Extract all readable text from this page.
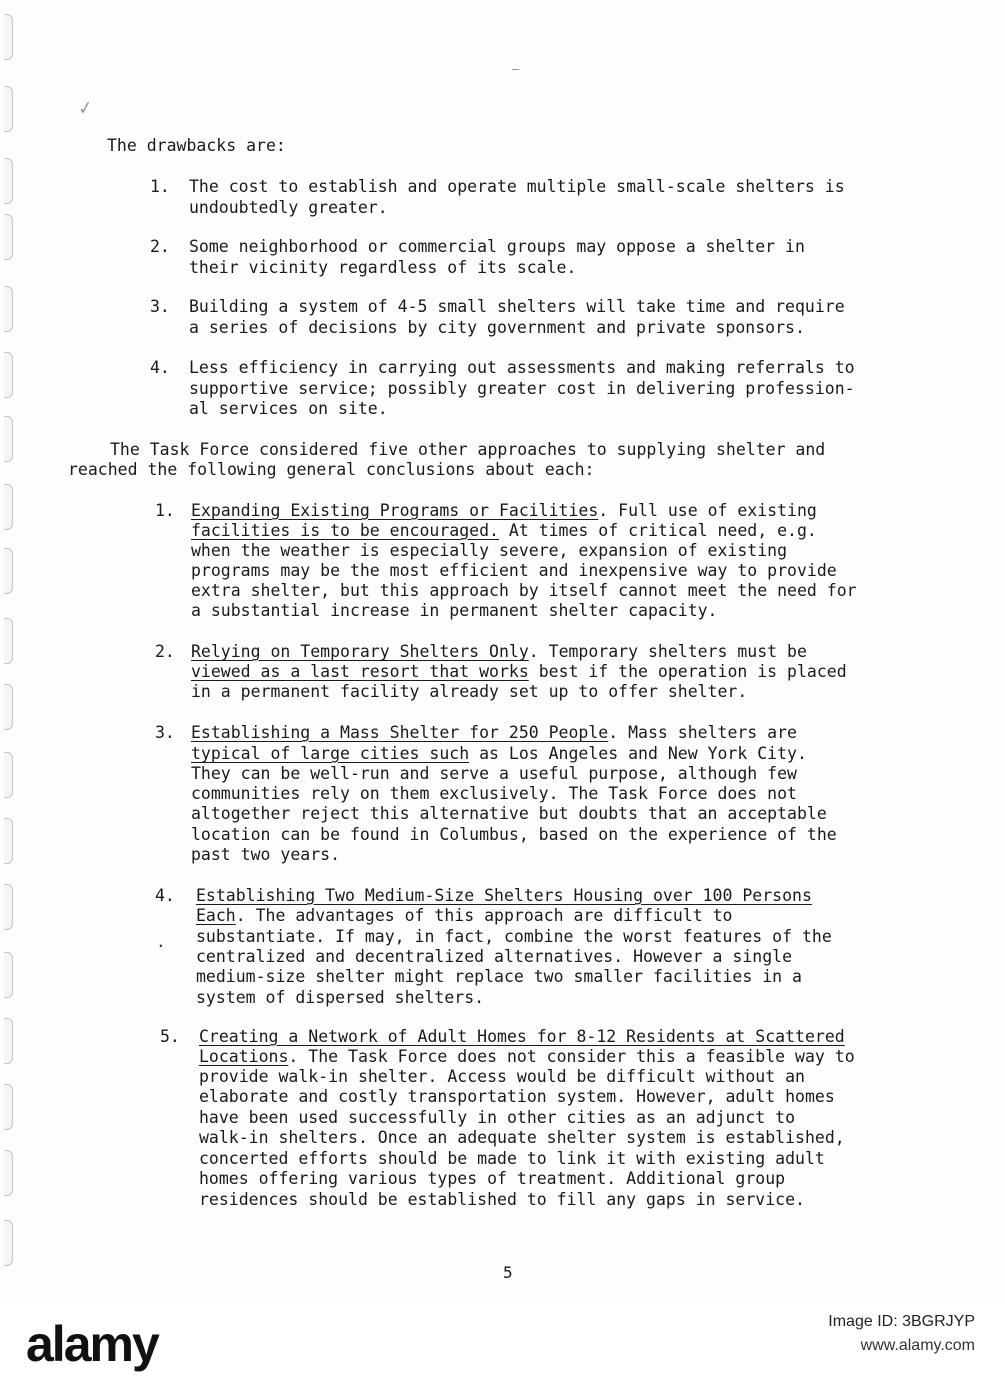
–
✓
The drawbacks are:
1. The cost to establish and operate multiple small-scale shelters is
undoubtedly greater.
2. Some neighborhood or commercial groups may oppose a shelter in
their vicinity regardless of its scale.
3. Building a system of 4-5 small shelters will take time and require
a series of decisions by city government and private sponsors.
4. Less efficiency in carrying out assessments and making referrals to
supportive service; possibly greater cost in delivering profession-
al services on site.
The Task Force considered five other approaches to supplying shelter and
reached the following general conclusions about each:
1. Expanding Existing Programs or Facilities. Full use of existing
facilities is to be encouraged. At times of critical need, e.g.
when the weather is especially severe, expansion of existing
programs may be the most efficient and inexpensive way to provide
extra shelter, but this approach by itself cannot meet the need for
a substantial increase in permanent shelter capacity.
2. Relying on Temporary Shelters Only. Temporary shelters must be
viewed as a last resort that works best if the operation is placed
in a permanent facility already set up to offer shelter.
3. Establishing a Mass Shelter for 250 People. Mass shelters are
typical of large cities such as Los Angeles and New York City.
They can be well-run and serve a useful purpose, although few
communities rely on them exclusively. The Task Force does not
altogether reject this alternative but doubts that an acceptable
location can be found in Columbus, based on the experience of the
past two years.
4. Establishing Two Medium-Size Shelters Housing over 100 Persons
Each. The advantages of this approach are difficult to
substantiate. If may, in fact, combine the worst features of the
centralized and decentralized alternatives. However a single
medium-size shelter might replace two smaller facilities in a
system of dispersed shelters.
5. Creating a Network of Adult Homes for 8-12 Residents at Scattered
Locations. The Task Force does not consider this a feasible way to
provide walk-in shelter. Access would be difficult without an
elaborate and costly transportation system. However, adult homes
have been used successfully in other cities as an adjunct to
walk-in shelters. Once an adequate shelter system is established,
concerted efforts should be made to link it with existing adult
homes offering various types of treatment. Additional group
residences should be established to fill any gaps in service.
.
5
alamy	Image ID: 3BGRJYP
www.alamy.com
